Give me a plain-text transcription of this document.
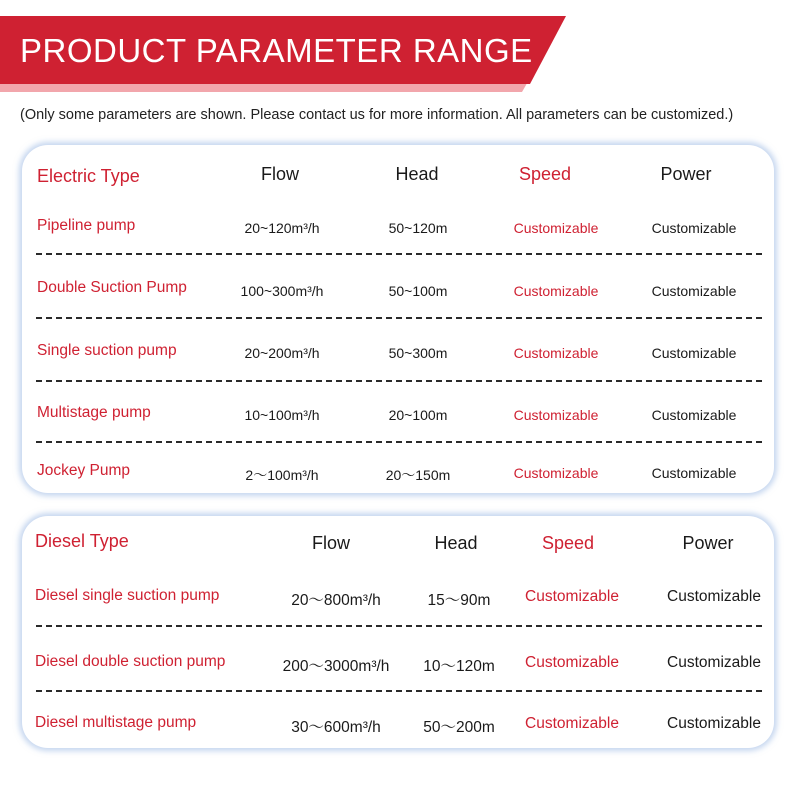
PRODUCT PARAMETER RANGE
(Only some parameters are shown. Please contact us for more information. All parameters can be customized.)
Electric Type	Flow	Head	Speed	Power
Pipeline pump	20~120m³/h	50~120m	Customizable	Customizable
Double Suction Pump	100~300m³/h	50~100m	Customizable	Customizable
Single suction pump	20~200m³/h	50~300m	Customizable	Customizable
Multistage pump	10~100m³/h	20~100m	Customizable	Customizable
Jockey Pump	2〜100m³/h	20〜150m	Customizable	Customizable
Diesel Type	Flow	Head	Speed	Power
Diesel single suction pump	20〜800m³/h	15〜90m Customizable	Customizable
Diesel double suction pump	200〜3000m³/h 10〜120m Customizable	Customizable
Diesel multistage pump	30〜600m³/h	50〜200m Customizable	Customizable
